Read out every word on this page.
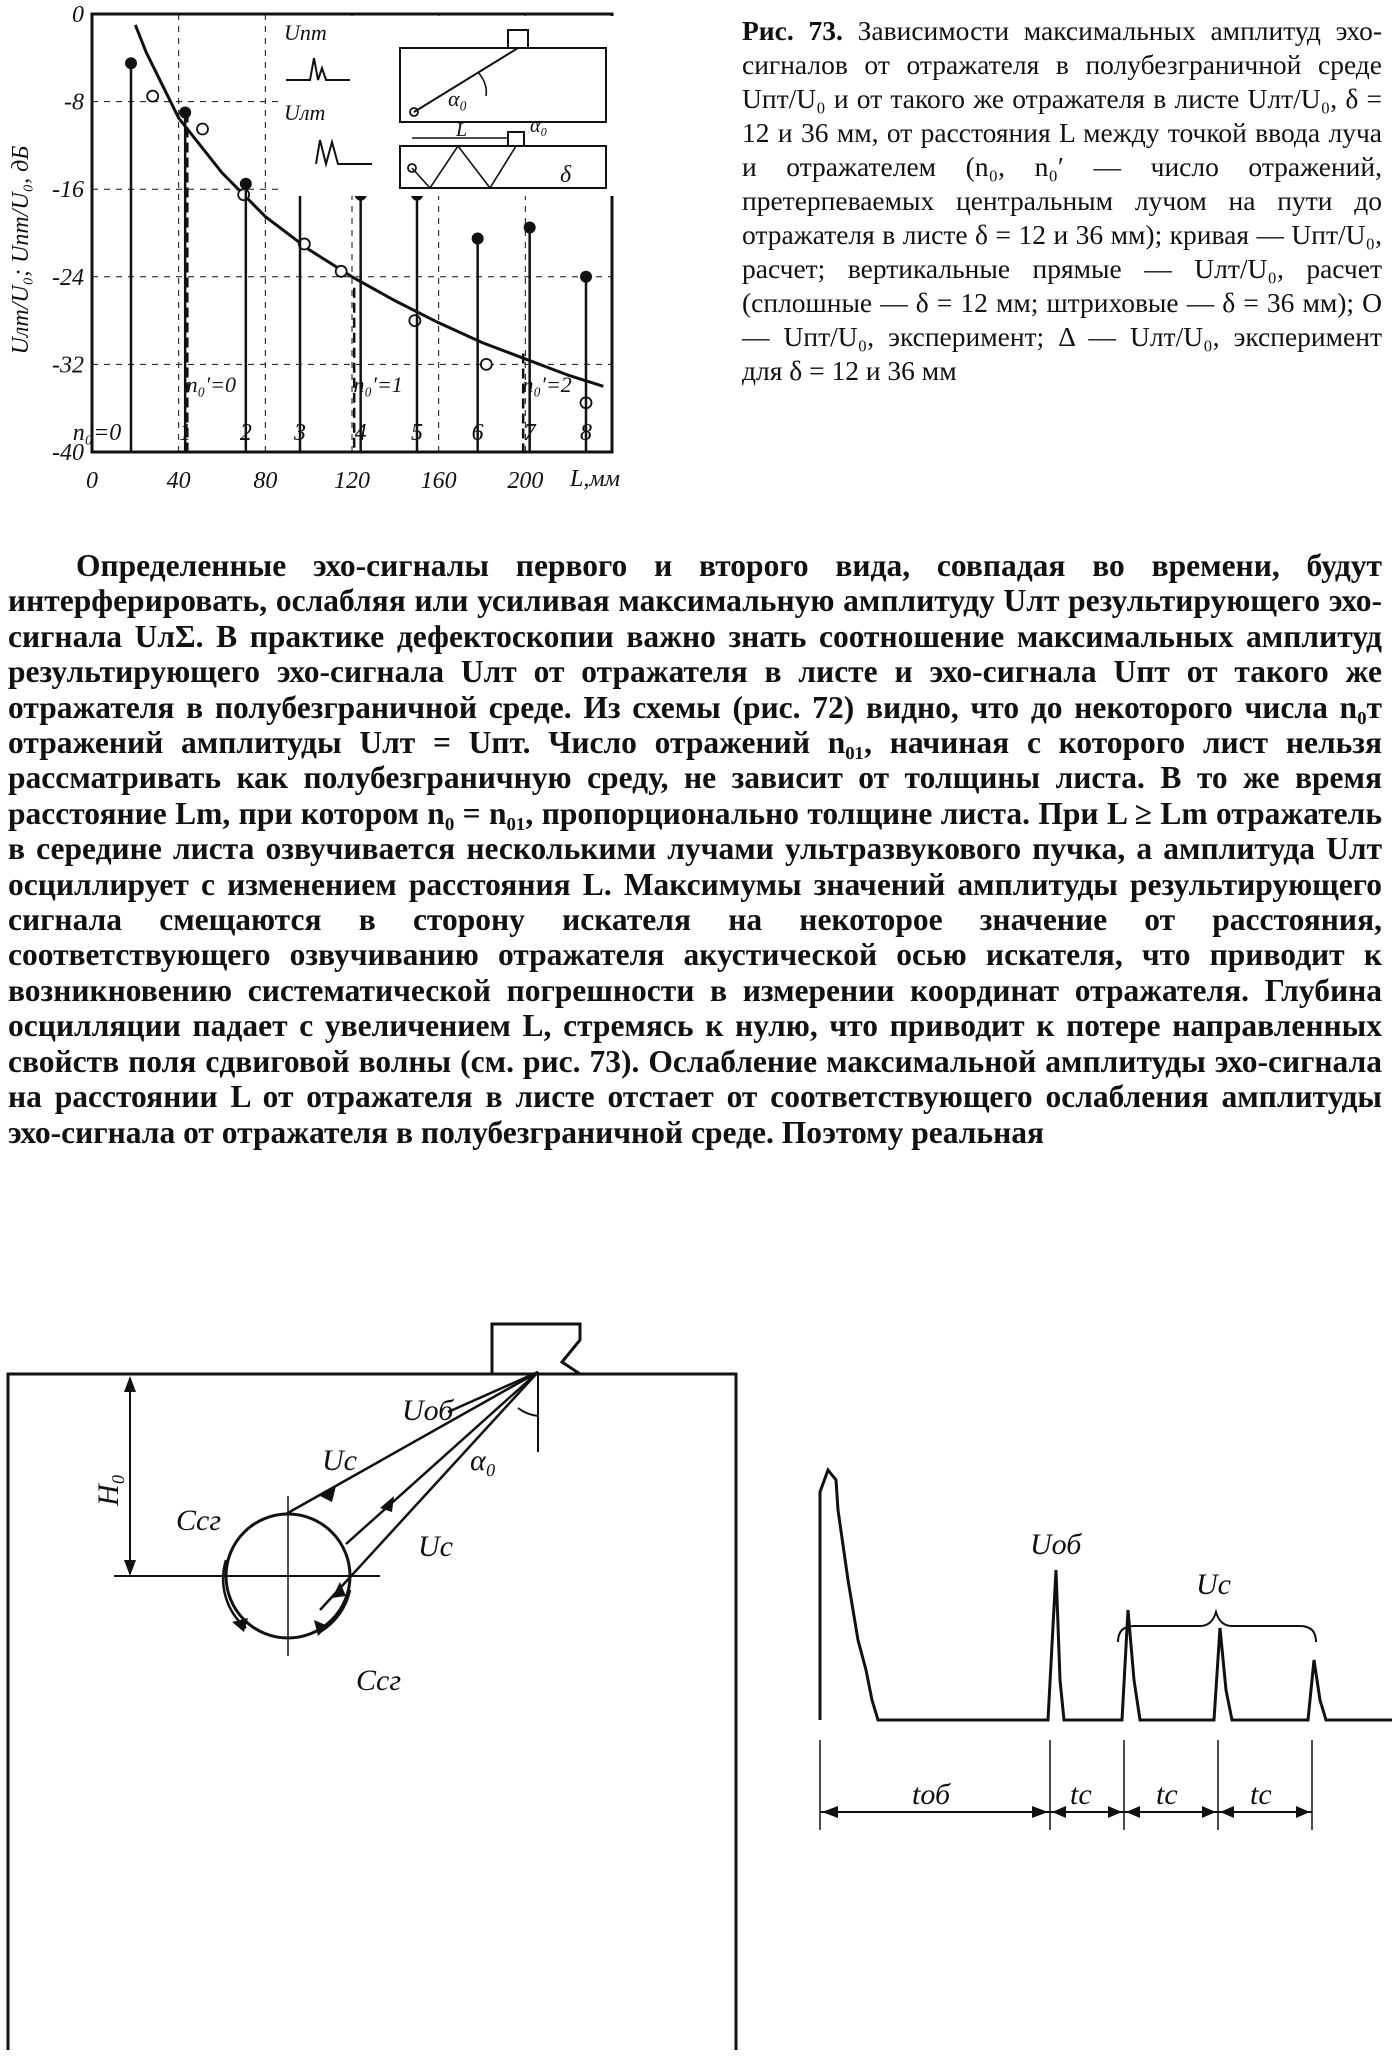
0	40	80 120 160 200
0
-8
-16
-24
-32
-40
n₀=0 1 2 3 4 5 6 7 8
n₀′=0	n₀′=1	n₀′=2
Uлт/U₀; Uпт/U₀, дБ
L,мм
Uпт
Uлт
α₀
L	α₀
δ
Рис. 73. Зависимости максимальных амплитуд эхо-сигналов от отражателя в полубезграничной среде Uпт/U₀ и от такого же отражателя в листе Uлт/U₀, δ = 12 и 36 мм, от расстояния L между точкой ввода луча и отражателем (n₀, n₀′ — число отражений, претерпеваемых центральным лучом на пути до отражателя в листе δ = 12 и 36 мм); кривая — Uпт/U₀, расчет; вертикальные прямые — Uлт/U₀, расчет (сплошные — δ = 12 мм; штриховые — δ = 36 мм); О — Uпт/U₀, эксперимент; Δ — Uлт/U₀, эксперимент для δ = 12 и 36 мм

Определенные эхо-сигналы первого и второго вида, совпадая во времени, будут интерферировать, ослабляя или усиливая максимальную амплитуду Uлт результирующего эхо-сигнала UлΣ. В практике дефектоскопии важно знать соотношение максимальных амплитуд результирующего эхо-сигнала Uлт от отражателя в листе и эхо-сигнала Uпт от такого же отражателя в полубезграничной среде. Из схемы (рис. 72) видно, что до некоторого числа n₀т отражений амплитуды Uлт = Uпт. Число отражений n₀₁, начиная с которого лист нельзя рассматривать как полубезграничную среду, не зависит от толщины листа. В то же время расстояние Lm, при котором n₀ = n₀₁, пропорционально толщине листа. При L ≥ Lm отражатель в середине листа озвучивается несколькими лучами ультразвукового пучка, а амплитуда Uлт осциллирует с изменением расстояния L. Максимумы значений амплитуды результирующего сигнала смещаются в сторону искателя на некоторое значение от расстояния, соответствующего озвучиванию отражателя акустической осью искателя, что приводит к возникновению систематической погрешности в измерении координат отражателя. Глубина осцилляции падает с увеличением L, стремясь к нулю, что приводит к потере направленных свойств поля сдвиговой волны (см. рис. 73). Ослабление максимальной амплитуды эхо-сигнала на расстоянии L от отражателя в листе отстает от соответствующего ослабления амплитуды эхо-сигнала от отражателя в полубезграничной среде. Поэтому реальная

H₀
Cсг
Cсг
Uс
Uс
Uоб
α₀
Uоб
Uс
tоб	tс tс tс
